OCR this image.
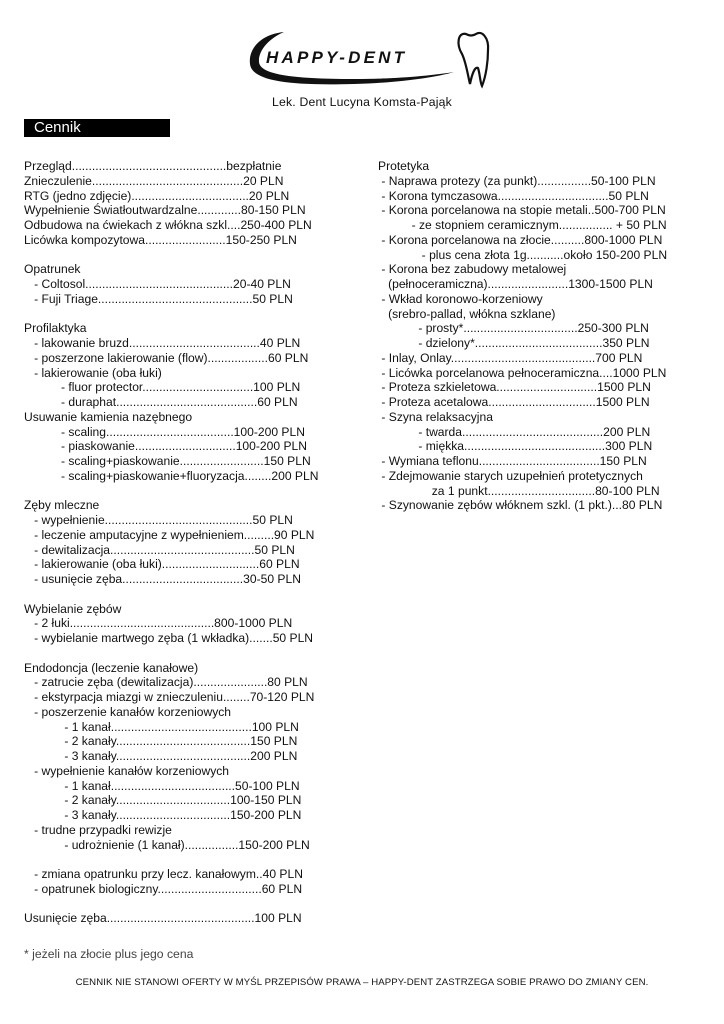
HAPPY-DENT
Lek. Dent Lucyna Komsta-Pająk
Cennik
Przegląd..............................................bezpłatnie
Znieczulenie.............................................20 PLN
RTG (jedno zdjęcie)...................................20 PLN
Wypełnienie Światłoutwardzalne.............80-150 PLN
Odbudowa na ćwiekach z włókna szkl....250-400 PLN
Licówka kompozytowa........................150-250 PLN
Opatrunek
- Coltosol............................................20-40 PLN
- Fuji Triage..............................................50 PLN
Profilaktyka
- lakowanie bruzd.......................................40 PLN
- poszerzone lakierowanie (flow)..................60 PLN
- lakierowanie (oba łuki)
- fluor protector.................................100 PLN
- duraphat..........................................60 PLN
Usuwanie kamienia nazębnego
- scaling......................................100-200 PLN
- piaskowanie..............................100-200 PLN
- scaling+piaskowanie.........................150 PLN
- scaling+piaskowanie+fluoryzacja........200 PLN
Zęby mleczne
- wypełnienie............................................50 PLN
- leczenie amputacyjne z wypełnieniem.........90 PLN
- dewitalizacja...........................................50 PLN
- lakierowanie (oba łuki).............................60 PLN
- usunięcie zęba....................................30-50 PLN
Wybielanie zębów
- 2 łuki...........................................800-1000 PLN
- wybielanie martwego zęba (1 wkładka).......50 PLN
Endodoncja (leczenie kanałowe)
- zatrucie zęba (dewitalizacja)......................80 PLN
- ekstyrpacja miazgi w znieczuleniu........70-120 PLN
- poszerzenie kanałów korzeniowych
- 1 kanał..........................................100 PLN
- 2 kanały........................................150 PLN
- 3 kanały........................................200 PLN
- wypełnienie kanałów korzeniowych
- 1 kanał.....................................50-100 PLN
- 2 kanały..................................100-150 PLN
- 3 kanały..................................150-200 PLN
- trudne przypadki rewizje
- udrożnienie (1 kanał)................150-200 PLN
- zmiana opatrunku przy lecz. kanałowym..40 PLN
- opatrunek biologiczny...............................60 PLN
Usunięcie zęba............................................100 PLN
Protetyka
- Naprawa protezy (za punkt)................50-100 PLN
- Korona tymczasowa.................................50 PLN
- Korona porcelanowa na stopie metali..500-700 PLN
- ze stopniem ceramicznym................ + 50 PLN
- Korona porcelanowa na złocie..........800-1000 PLN
- plus cena złota 1g...........około 150-200 PLN
- Korona bez zabudowy metalowej
(pełnoceramiczna)........................1300-1500 PLN
- Wkład koronowo-korzeniowy
(srebro-pallad, włókna szklane)
- prosty*..................................250-300 PLN
- dzielony*......................................350 PLN
- Inlay, Onlay...........................................700 PLN
- Licówka porcelanowa pełnoceramiczna....1000 PLN
- Proteza szkieletowa..............................1500 PLN
- Proteza acetalowa................................1500 PLN
- Szyna relaksacyjna
- twarda..........................................200 PLN
- miękka..........................................300 PLN
- Wymiana teflonu....................................150 PLN
- Zdejmowanie starych uzupełnień protetycznych
za 1 punkt................................80-100 PLN
- Szynowanie zębów włóknem szkl. (1 pkt.)...80 PLN
* jeżeli na złocie plus jego cena
CENNIK NIE STANOWI OFERTY W MYŚL PRZEPISÓW PRAWA – HAPPY-DENT ZASTRZEGA SOBIE PRAWO DO ZMIANY CEN.
